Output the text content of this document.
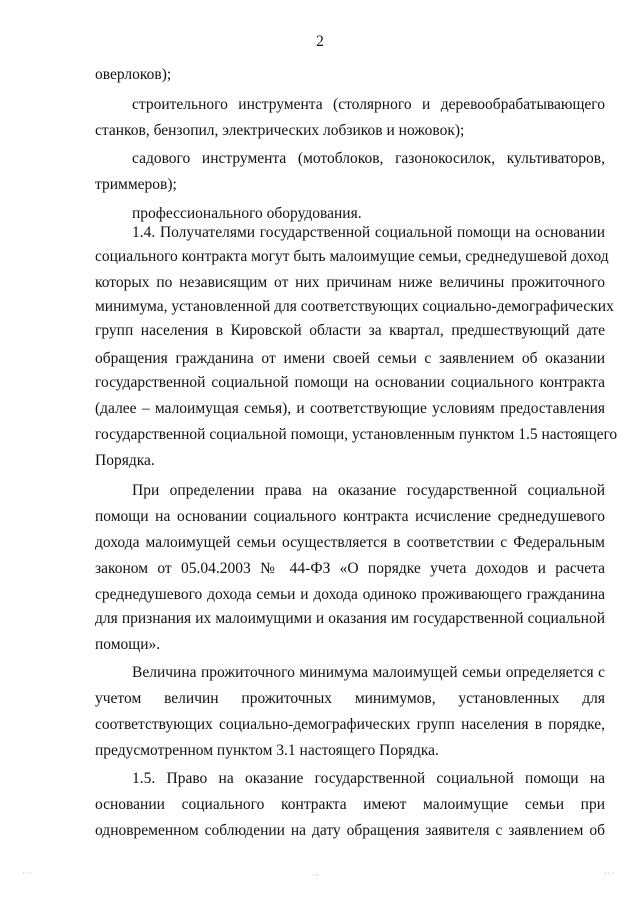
2

оверлоков);

строительного инструмента (столярного и деревообрабатывающего

станков, бензопил, электрических лобзиков и ножовок);

садового инструмента (мотоблоков, газонокосилок, культиваторов,

триммеров);

профессионального оборудования.

1.4. Получателями государственной социальной помощи на основании

социального контракта могут быть малоимущие семьи, среднедушевой доход

которых по независящим от них причинам ниже величины прожиточного

минимума, установленной для соответствующих социально-демографических

групп населения в Кировской области за квартал, предшествующий дате

обращения гражданина от имени своей семьи с заявлением об оказании

государственной социальной помощи на основании социального контракта

(далее – малоимущая семья), и соответствующие условиям предоставления

государственной социальной помощи, установленным пунктом 1.5 настоящего

Порядка.

При определении права на оказание государственной социальной

помощи на основании социального контракта исчисление среднедушевого

дохода малоимущей семьи осуществляется в соответствии с Федеральным

законом от 05.04.2003 № 44-ФЗ «О порядке учета доходов и расчета

среднедушевого дохода семьи и дохода одиноко проживающего гражданина

для признания их малоимущими и оказания им государственной социальной

помощи».

Величина прожиточного минимума малоимущей семьи определяется с

учетом величин прожиточных минимумов, установленных для

соответствующих социально-демографических групп населения в порядке,

предусмотренном пунктом 3.1 настоящего Порядка.

1.5. Право на оказание государственной социальной помощи на

основании социального контракта имеют малоимущие семьи при

одновременном соблюдении на дату обращения заявителя с заявлением об

···	··	···
